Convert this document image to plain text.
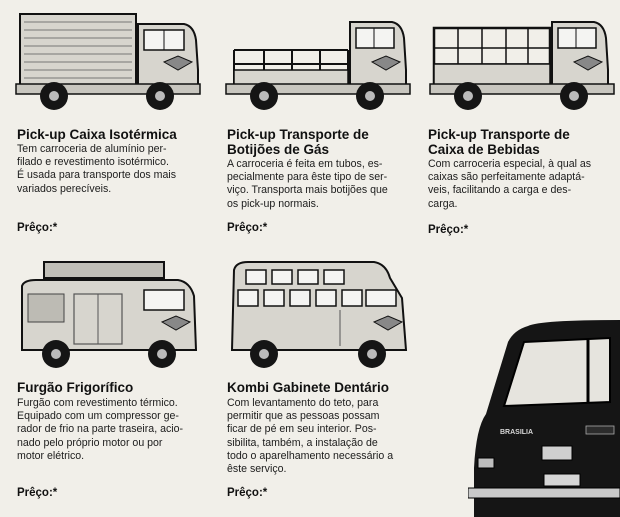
Pick-up Caixa Isotérmica

Tem carroceria de alumínio per-
filado e revestimento isotérmico.
É usada para transporte dos mais
variados perecíveis.

Prêço:*

Pick-up Transporte de
Botijões de Gás

A carroceria é feita em tubos, es-
pecialmente para êste tipo de ser-
viço. Transporta mais botijões que
os pick-up normais.

Prêço:*

Pick-up Transporte de
Caixa de Bebidas

Com carroceria especial, à qual as
caixas são perfeitamente adaptá-
veis, facilitando a carga e des-
carga.

Prêço:*

Furgão Frigorífico

Furgão com revestimento térmico.
Equipado com um compressor ge-
rador de frio na parte traseira, acio-
nado pelo próprio motor ou por
motor elétrico.

Prêço:*

Kombi Gabinete Dentário

Com levantamento do teto, para
permitir que as pessoas possam
ficar de pé em seu interior. Pos-
sibilita, também, a instalação de
todo o aparelhamento necessário a
êste serviço.

Prêço:*

BRASILIA
